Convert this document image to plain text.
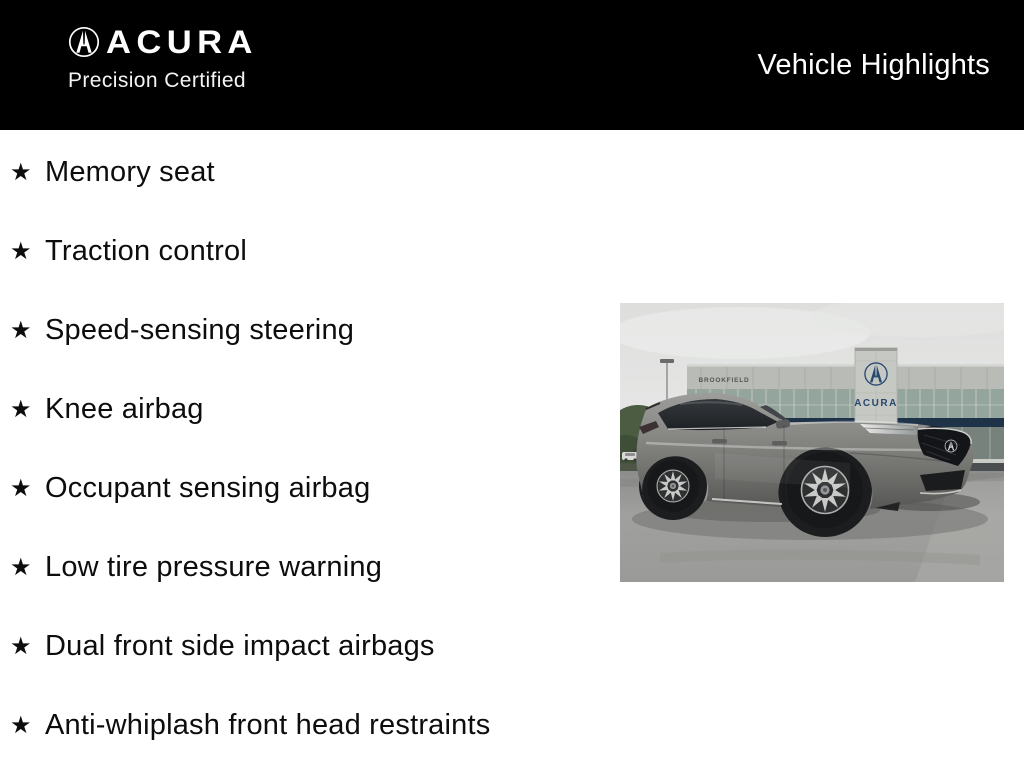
ACURA
Precision Certified	Vehicle Highlights
★ Memory seat
★ Traction control
★ Speed-sensing steering
★ Knee airbag
★ Occupant sensing airbag
★ Low tire pressure warning
★ Dual front side impact airbags
★ Anti-whiplash front head restraints
BROOKFIELD
ACURA
